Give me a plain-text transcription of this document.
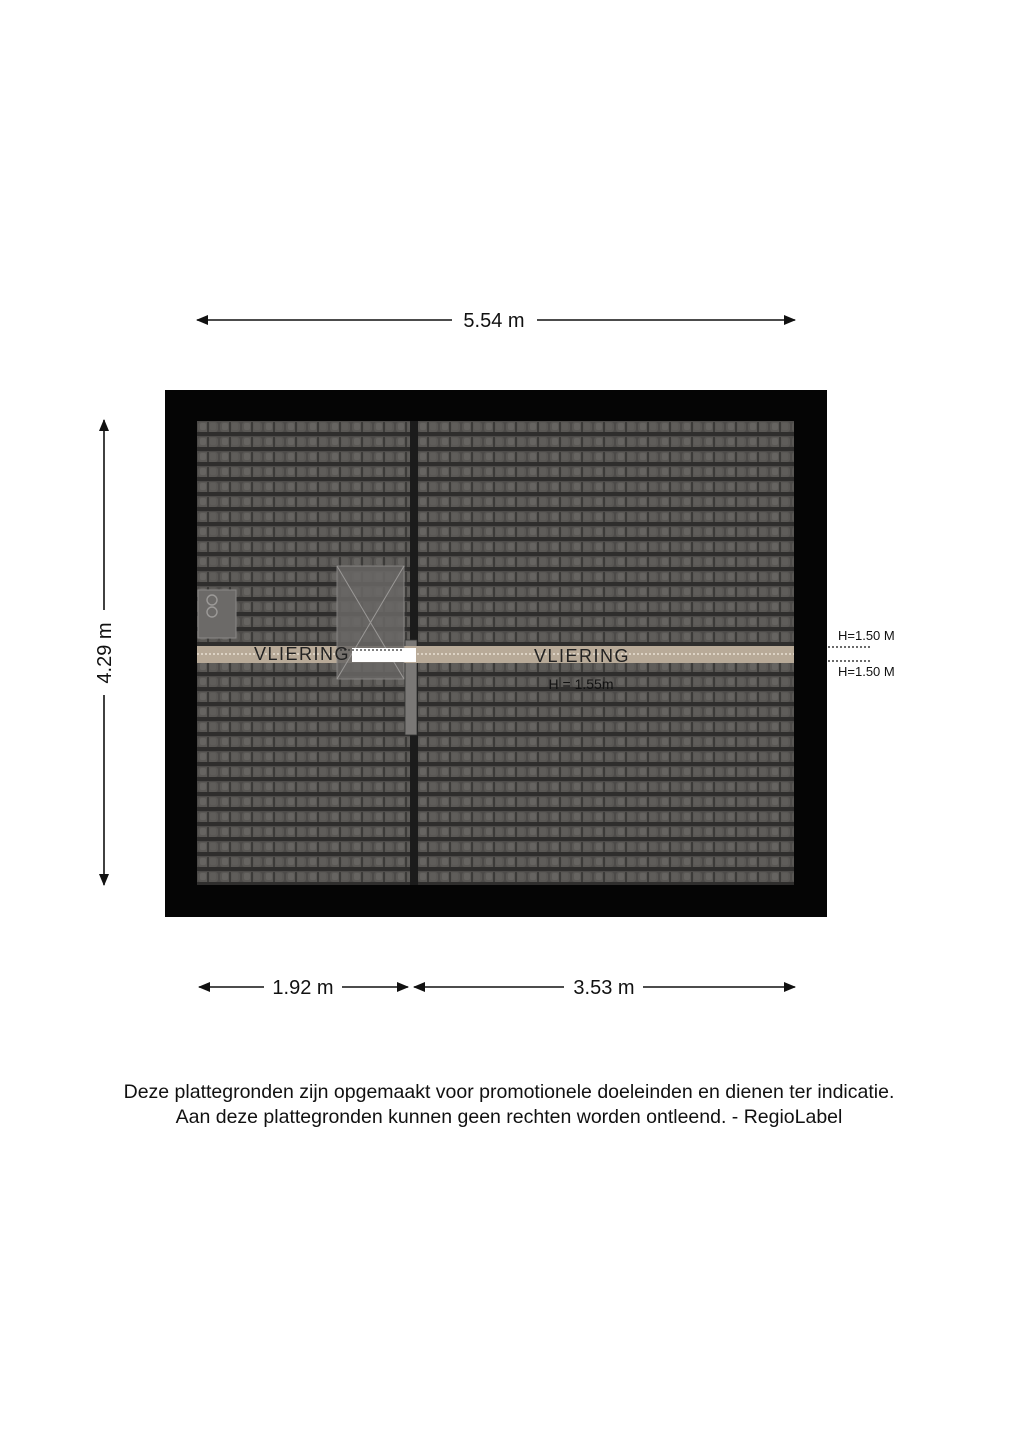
5.54 m
4.29 m	VLIERING	VLIERING
H = 1.55m
H=1.50 M
H=1.50 M
1.92 m	3.53 m
Deze plattegronden zijn opgemaakt voor promotionele doeleinden en dienen ter indicatie.
Aan deze plattegronden kunnen geen rechten worden ontleend. - RegioLabel
